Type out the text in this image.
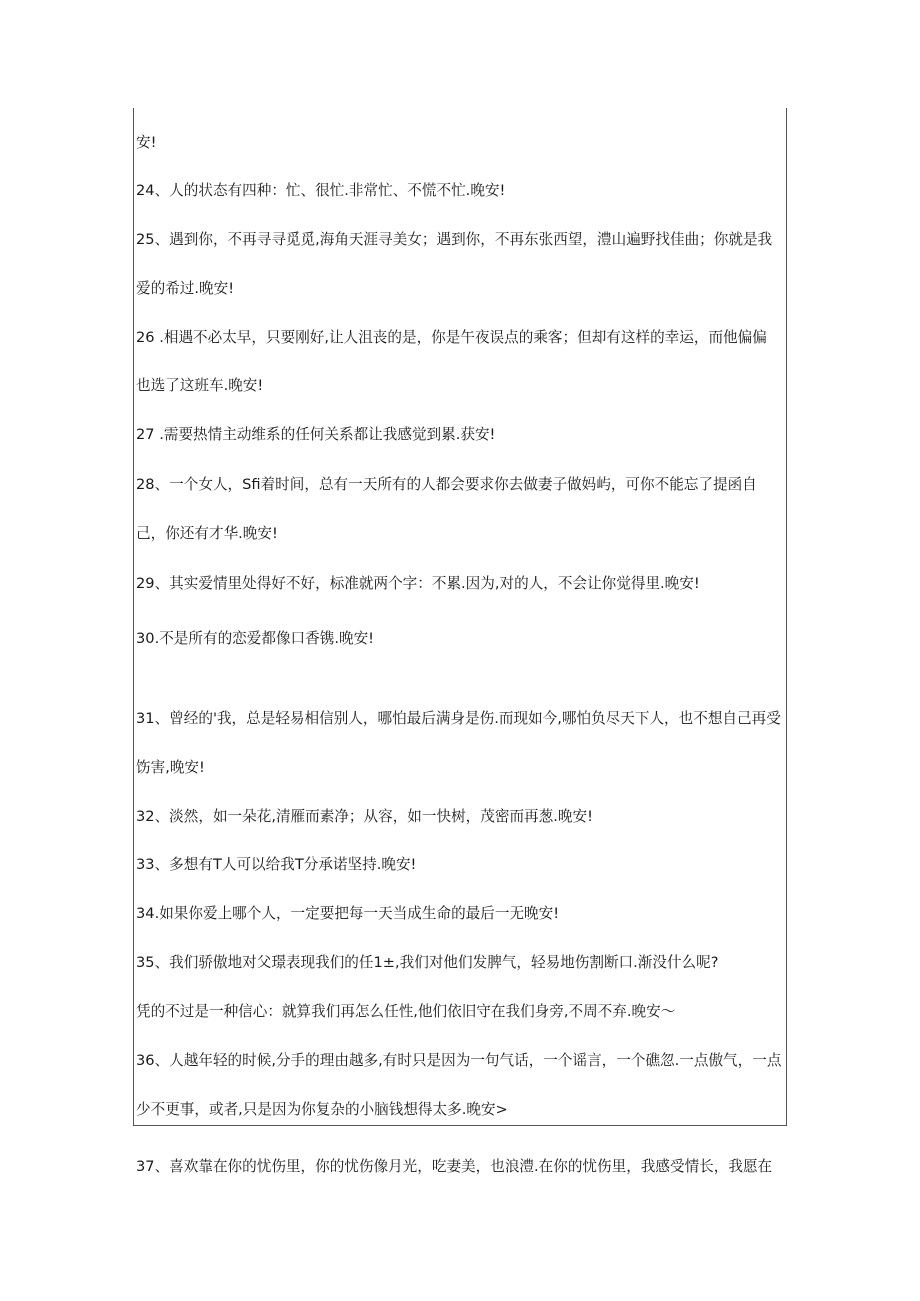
安!
24、人的状态有四种：忙、很忙.非常忙、不慌不忙.晚安!
25、遇到你，不再寻寻觅觅,海角天涯寻美女；遇到你，不再东张西望，澧山遍野找佳曲；你就是我
爱的希过.晚安!
26 .相遇不必太早，只要刚好,让人沮丧的是，你是午夜误点的乘客；但却有这样的幸运，而他偏偏
也选了这班车.晚安!
27 .需要热情主动维系的任何关系都让我感觉到累.获安!
28、一个女人，Sfi着时间，总有一天所有的人都会要求你去做妻子做妈屿，可你不能忘了提函自
己，你还有才华.晚安!
29、其实爱情里处得好不好，标准就两个字：不累.因为,对的人，不会让你觉得里.晚安!
30.不是所有的恋爱都像口香镌.晚安!
31、曾经的'我，总是轻易相信别人，哪怕最后满身是伤.而现如今,哪怕负尽天下人，也不想自己再受
饬害,晚安!
32、淡然，如一朵花,清雁而素净；从容，如一快树，茂密而再葱.晚安!
33、多想有T人可以给我T分承诺坚持.晚安!
34.如果你爱上哪个人，一定要把每一天当成生命的最后一无晚安!
35、我们骄傲地对父璟表现我们的任1±,我们对他们发脾气，轻易地伤割断口.渐没什么呢?
凭的不过是一种信心：就算我们再怎么任性,他们依旧守在我们身旁,不周不弃.晚安〜
36、人越年轻的时候,分手的理由越多,有时只是因为一句气话，一个谣言，一个礁忽.一点傲气，一点
少不更事，或者,只是因为你复杂的小脑钱想得太多.晚安>
37、喜欢靠在你的忧伤里，你的忧伤像月光，吃妻美，也浪澧.在你的忧伤里，我感受情长，我愿在
